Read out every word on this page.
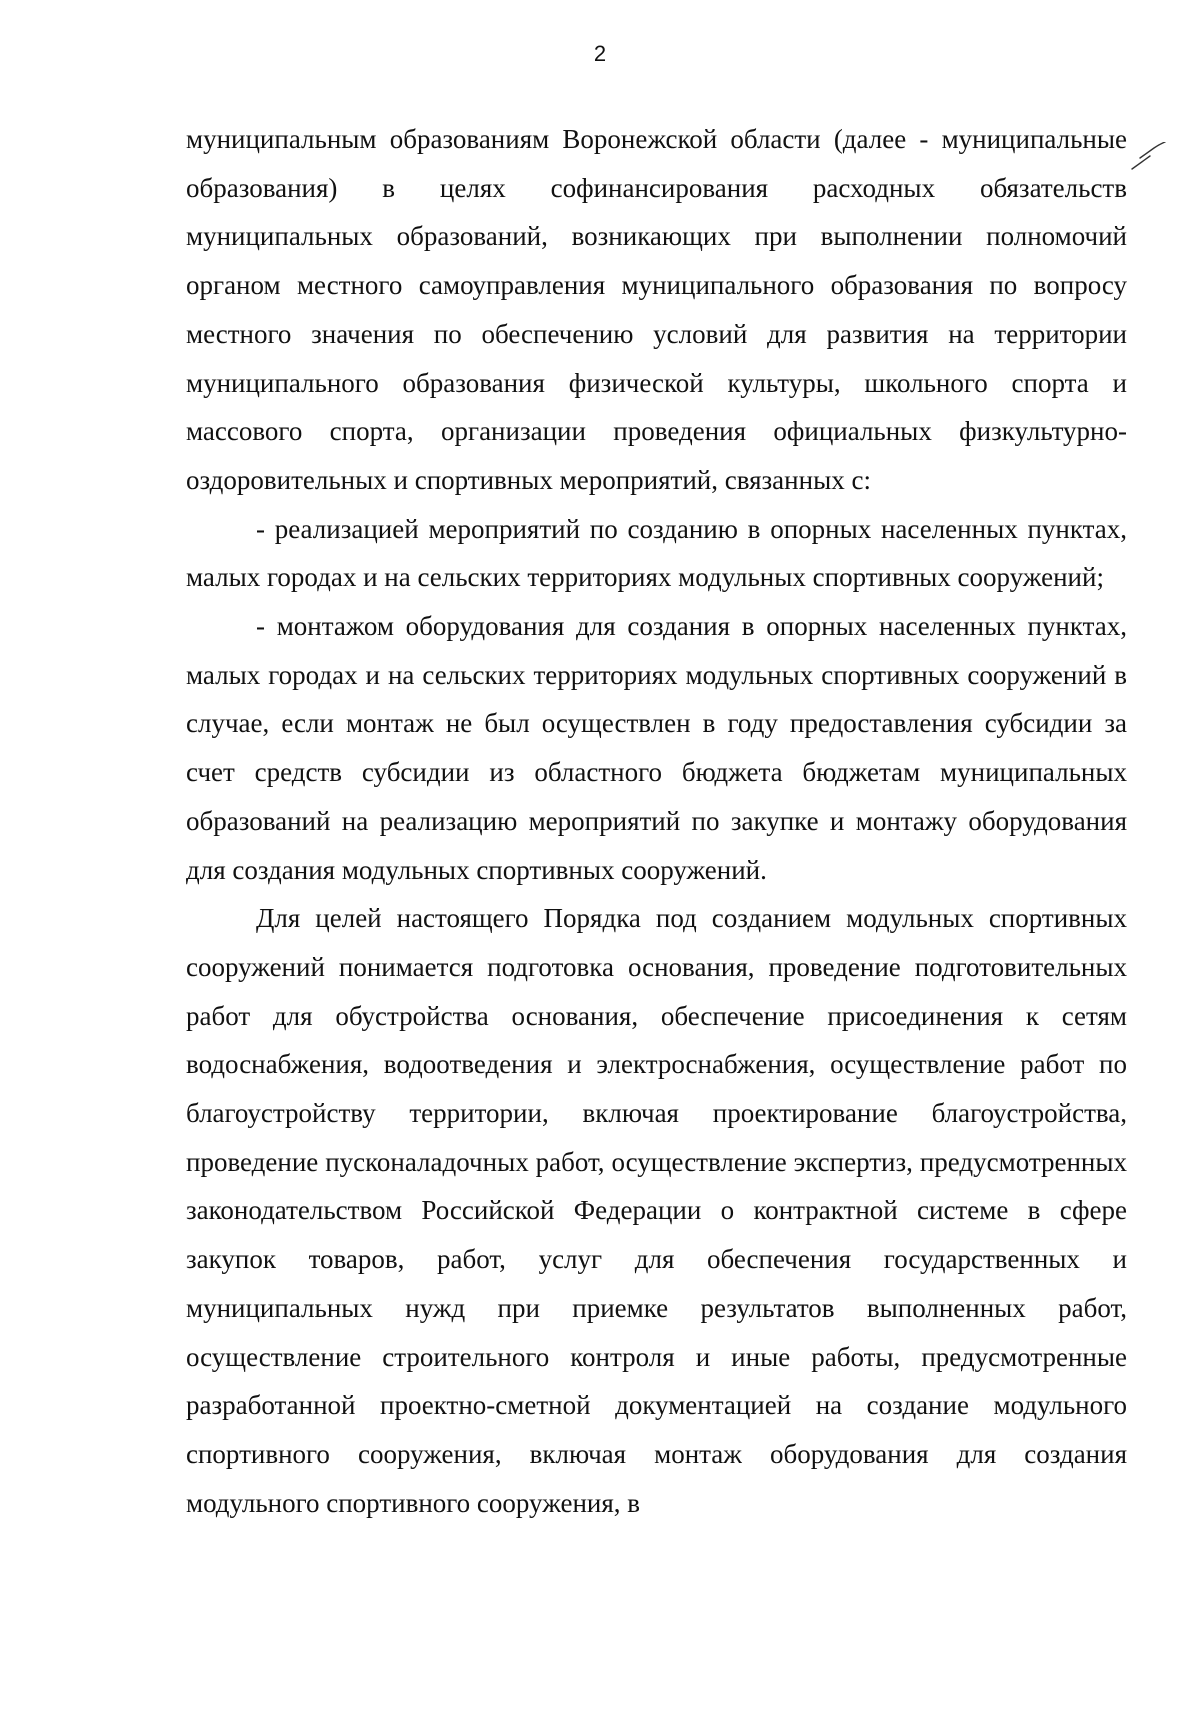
2

муниципальным образованиям Воронежской области (далее - муниципальные образования) в целях софинансирования расходных обязательств муниципальных образований, возникающих при выполнении полномочий органом местного самоуправления муниципального образования по вопросу местного значения по обеспечению условий для развития на территории муниципального образования физической культуры, школьного спорта и массового спорта, организации проведения официальных физкультурно-оздоровительных и спортивных мероприятий, связанных с:

- реализацией мероприятий по созданию в опорных населенных пунктах, малых городах и на сельских территориях модульных спортивных сооружений;

- монтажом оборудования для создания в опорных населенных пунктах, малых городах и на сельских территориях модульных спортивных сооружений в случае, если монтаж не был осуществлен в году предоставления субсидии за счет средств субсидии из областного бюджета бюджетам муниципальных образований на реализацию мероприятий по закупке и монтажу оборудования для создания модульных спортивных сооружений.

Для целей настоящего Порядка под созданием модульных спортивных сооружений понимается подготовка основания, проведение подготовительных работ для обустройства основания, обеспечение присоединения к сетям водоснабжения, водоотведения и электроснабжения, осуществление работ по благоустройству территории, включая проектирование благоустройства, проведение пусконаладочных работ, осуществление экспертиз, предусмотренных законодательством Российской Федерации о контрактной системе в сфере закупок товаров, работ, услуг для обеспечения государственных и муниципальных нужд при приемке результатов выполненных работ, осуществление строительного контроля и иные работы, предусмотренные разработанной проектно-сметной документацией на создание модульного спортивного сооружения, включая монтаж оборудования для создания модульного спортивного сооружения, в
